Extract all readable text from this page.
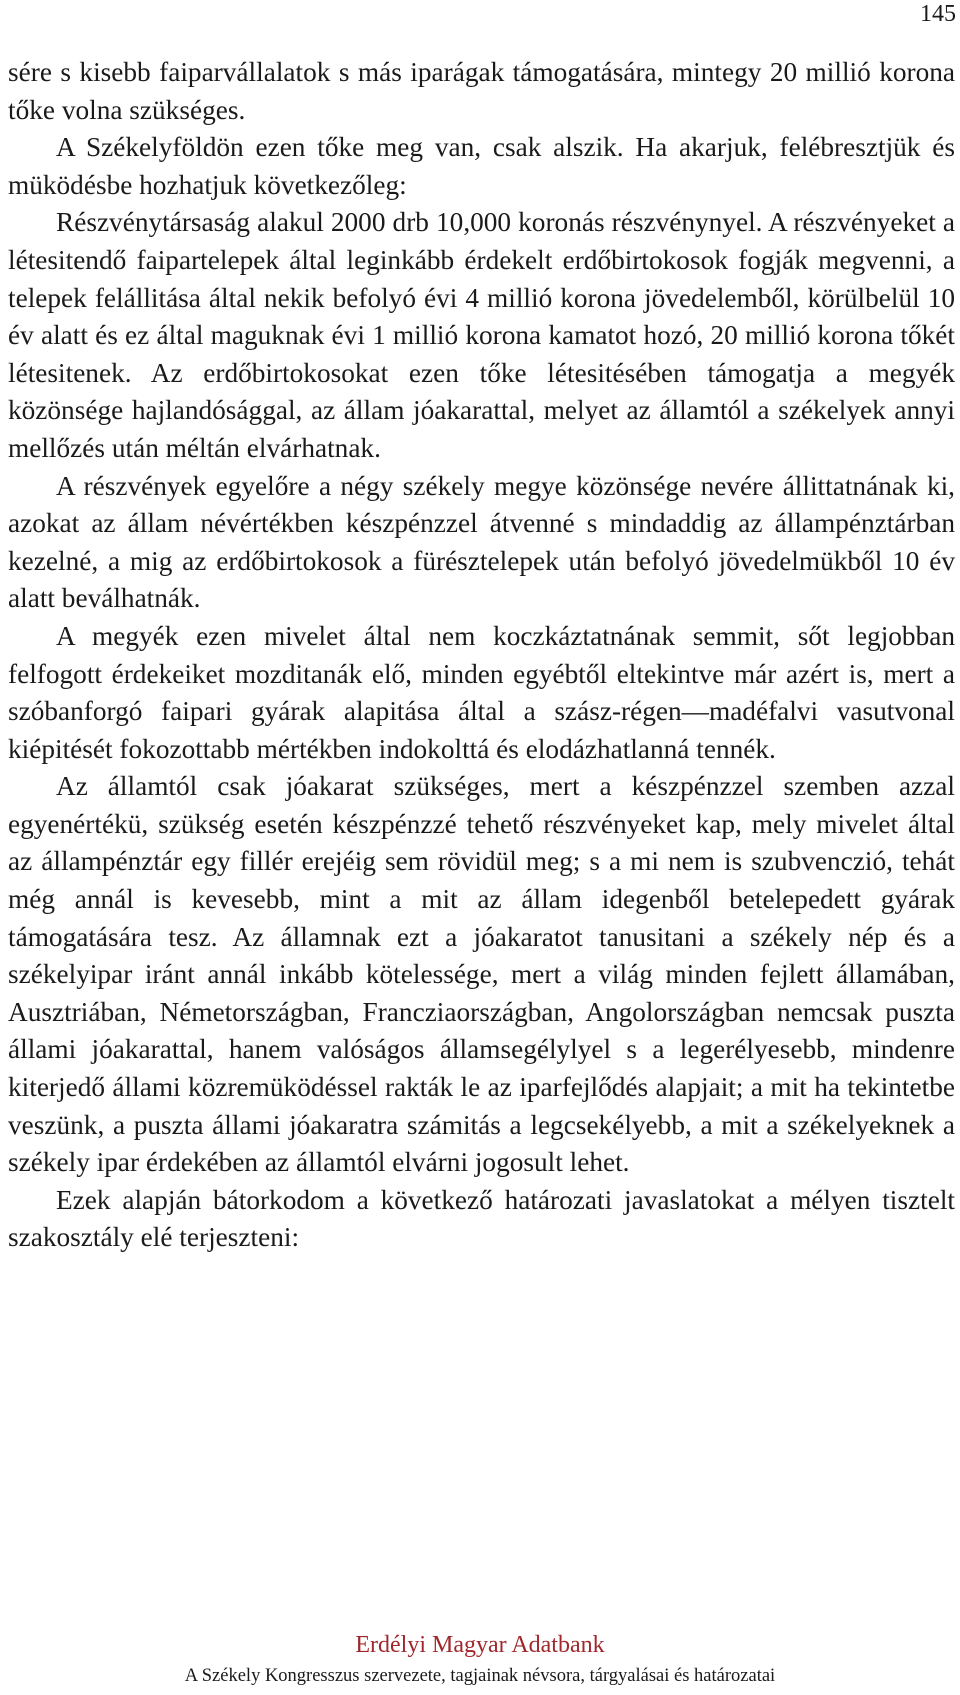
145

sére s kisebb faiparvállalatok s más iparágak támogatására, mintegy 20 millió korona tőke volna szükséges.

A Székelyföldön ezen tőke meg van, csak alszik. Ha akarjuk, felébresztjük és müködésbe hozhatjuk következőleg:

Részvénytársaság alakul 2000 drb 10,000 koronás részvénynyel. A részvényeket a létesitendő faipartelepek által leginkább érdekelt erdőbirtokosok fogják megvenni, a telepek felállitása által nekik befolyó évi 4 millió korona jövedelemből, körülbelül 10 év alatt és ez által maguknak évi 1 millió korona kamatot hozó, 20 millió korona tőkét létesitenek. Az erdőbirtokosokat ezen tőke létesitésében támogatja a megyék közönsége hajlandósággal, az állam jóakarattal, melyet az államtól a székelyek annyi mellőzés után méltán elvárhatnak.

A részvények egyelőre a négy székely megye közönsége nevére állittatnának ki, azokat az állam névértékben készpénzzel átvenné s mindaddig az állampénztárban kezelné, a mig az erdőbirtokosok a fürésztelepek után befolyó jövedelmükből 10 év alatt beválhatnák.

A megyék ezen mivelet által nem koczkáztatnának semmit, sőt legjobban felfogott érdekeiket mozditanák elő, minden egyébtől eltekintve már azért is, mert a szóbanforgó faipari gyárak alapitása által a szász-régen—madéfalvi vasutvonal kiépitését fokozottabb mértékben indokolttá és elodázhatlanná tennék.

Az államtól csak jóakarat szükséges, mert a készpénzzel szemben azzal egyenértékü, szükség esetén készpénzzé tehető részvényeket kap, mely mivelet által az állampénztár egy fillér erejéig sem rövidül meg; s a mi nem is szubvenczió, tehát még annál is kevesebb, mint a mit az állam idegenből betelepedett gyárak támogatására tesz. Az államnak ezt a jóakaratot tanusitani a székely nép és a székelyipar iránt annál inkább kötelessége, mert a világ minden fejlett államában, Ausztriában, Németországban, Francziaországban, Angolországban nemcsak puszta állami jóakarattal, hanem valóságos államsegélylyel s a legerélyesebb, mindenre kiterjedő állami közremüködéssel rakták le az iparfejlődés alapjait; a mit ha tekintetbe veszünk, a puszta állami jóakaratra számitás a legcsekélyebb, a mit a székelyeknek a székely ipar érdekében az államtól elvárni jogosult lehet.

Ezek alapján bátorkodom a következő határozati javaslatokat a mélyen tisztelt szakosztály elé terjeszteni:

Erdélyi Magyar Adatbank
A Székely Kongresszus szervezete, tagjainak névsora, tárgyalásai és határozatai
